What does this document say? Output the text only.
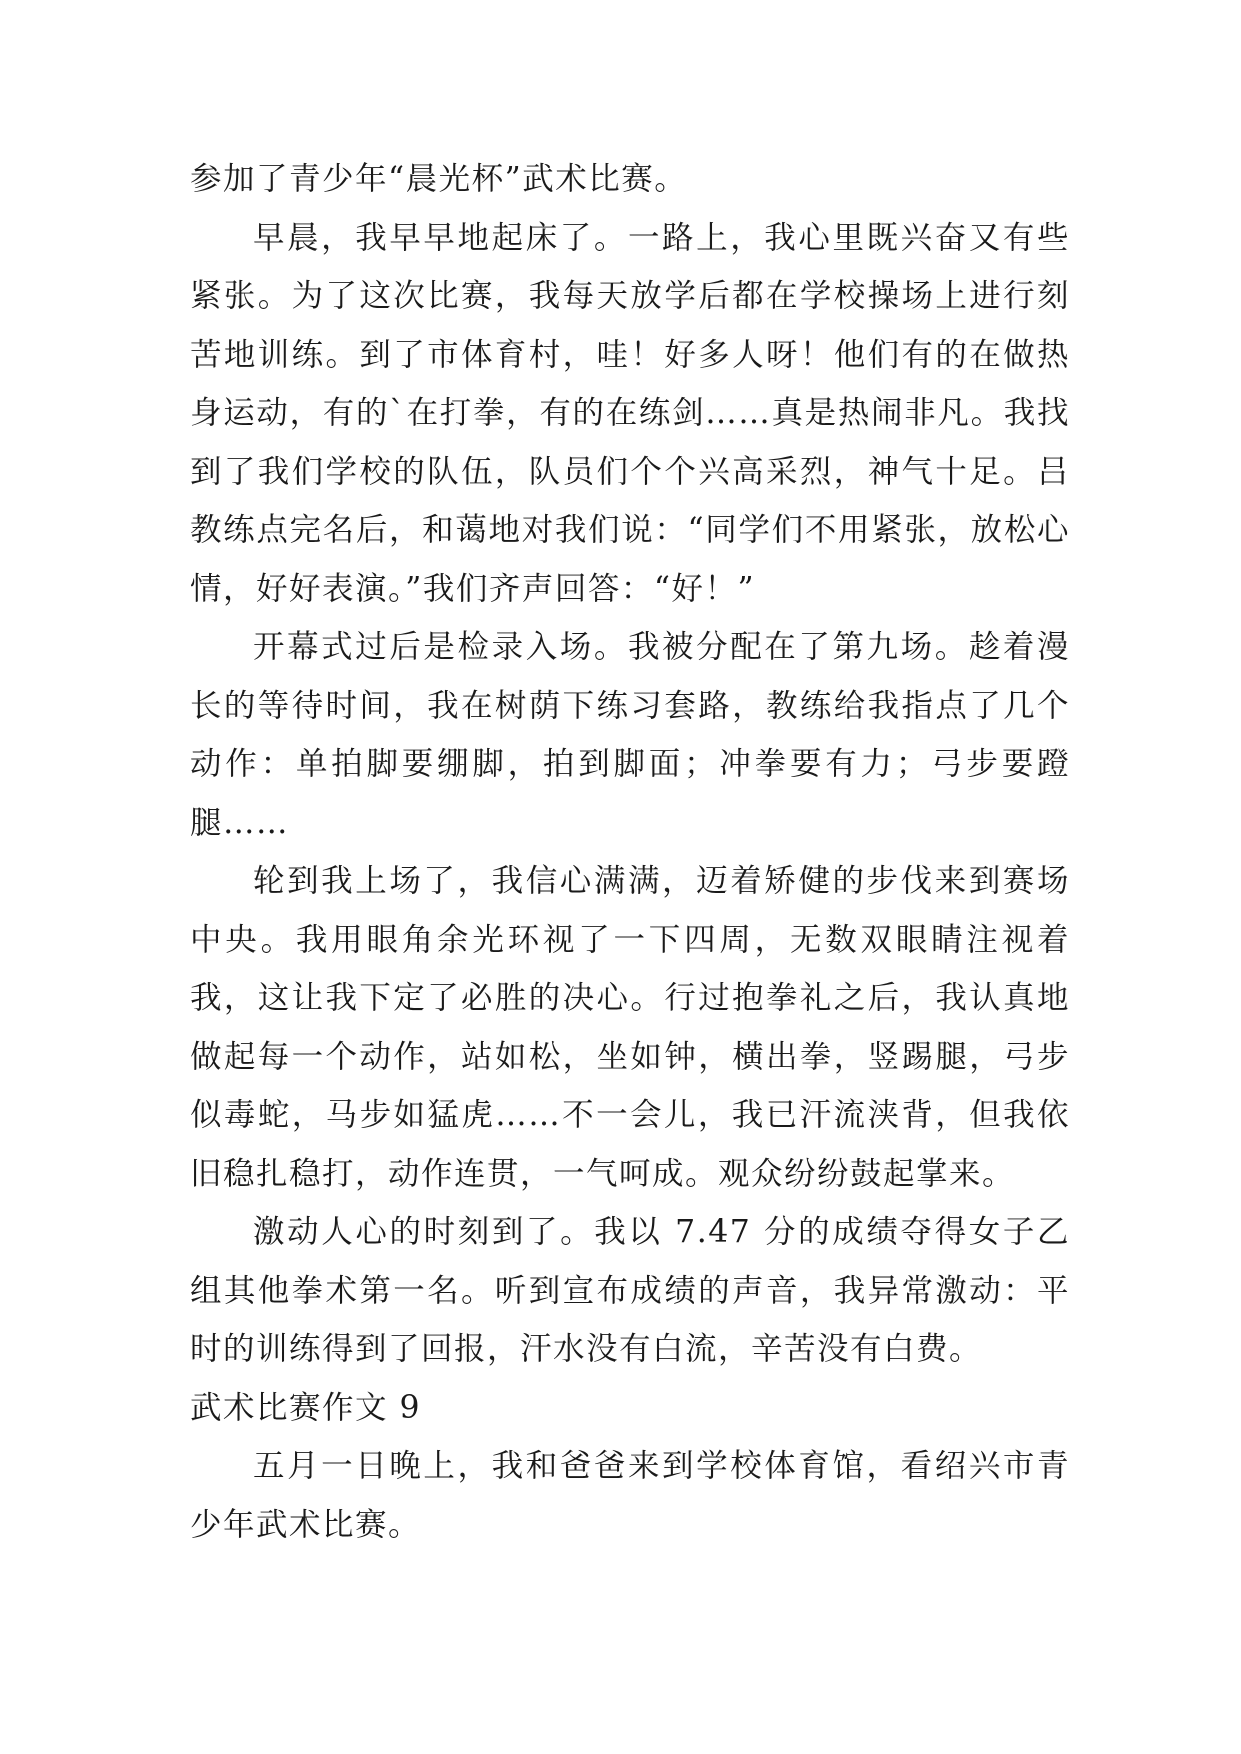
参加了青少年“晨光杯”武术比赛。

早晨，我早早地起床了。一路上，我心里既兴奋又有些紧张。为了这次比赛，我每天放学后都在学校操场上进行刻苦地训练。到了市体育村，哇！好多人呀！他们有的在做热身运动，有的`在打拳，有的在练剑……真是热闹非凡。我找到了我们学校的队伍，队员们个个兴高采烈，神气十足。吕教练点完名后，和蔼地对我们说：“同学们不用紧张，放松心情，好好表演。”我们齐声回答：“好！”

开幕式过后是检录入场。我被分配在了第九场。趁着漫长的等待时间，我在树荫下练习套路，教练给我指点了几个动作：单拍脚要绷脚，拍到脚面；冲拳要有力；弓步要蹬腿……

轮到我上场了，我信心满满，迈着矫健的步伐来到赛场中央。我用眼角余光环视了一下四周，无数双眼睛注视着我，这让我下定了必胜的决心。行过抱拳礼之后，我认真地做起每一个动作，站如松，坐如钟，横出拳，竖踢腿，弓步似毒蛇，马步如猛虎……不一会儿，我已汗流浃背，但我依旧稳扎稳打，动作连贯，一气呵成。观众纷纷鼓起掌来。

激动人心的时刻到了。我以 7.47 分的成绩夺得女子乙组其他拳术第一名。听到宣布成绩的声音，我异常激动：平时的训练得到了回报，汗水没有白流，辛苦没有白费。

武术比赛作文 9

五月一日晚上，我和爸爸来到学校体育馆，看绍兴市青少年武术比赛。
